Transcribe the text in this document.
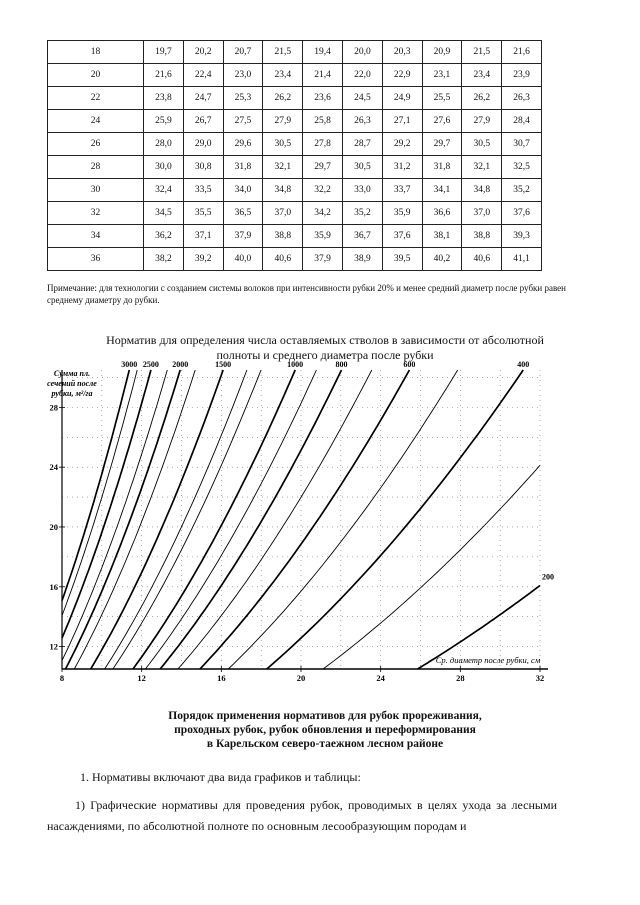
18	19,7	20,2	20,7	21,5	19,4	20,0	20,3	20,9	21,5	21,6
20	21,6	22,4	23,0	23,4	21,4	22,0	22,9	23,1	23,4	23,9
22	23,8	24,7	25,3	26,2	23,6	24,5	24,9	25,5	26,2	26,3
24	25,9	26,7	27,5	27,9	25,8	26,3	27,1	27,6	27,9	28,4
26	28,0	29,0	29,6	30,5	27,8	28,7	29,2	29,7	30,5	30,7
28	30,0	30,8	31,8	32,1	29,7	30,5	31,2	31,8	32,1	32,5
30	32,4	33,5	34,0	34,8	32,2	33,0	33,7	34,1	34,8	35,2
32	34,5	35,5	36,5	37,0	34,2	35,2	35,9	36,6	37,0	37,6
34	36,2	37,1	37,9	38,8	35,9	36,7	37,6	38,1	38,8	39,3
36	38,2	39,2	40,0	40,6	37,9	38,9	39,5	40,2	40,6	41,1
Примечание: для технологии с созданием системы волоков при интенсивности рубки 20% и менее средний диаметр после рубки равен среднему диаметру до рубки.
Норматив для определения числа оставляемых стволов в зависимости от абсолютной
полноты и среднего диаметра после рубки
8	12	16	20	24	28	32
12
16
20
24
28
Сумма пл.
сечений после
рубки, м²/га
Ср. диаметр после рубки, см
3000 2500 2000	1500	1000	800	600	400
200
Порядок применения нормативов для рубок прореживания,
проходных рубок, рубок обновления и переформирования
в Карельском северо-таежном лесном районе
1. Нормативы включают два вида графиков и таблицы:
1) Графические нормативы для проведения рубок, проводимых в целях ухода за лесными насаждениями, по абсолютной полноте по основным лесообразующим породам и
